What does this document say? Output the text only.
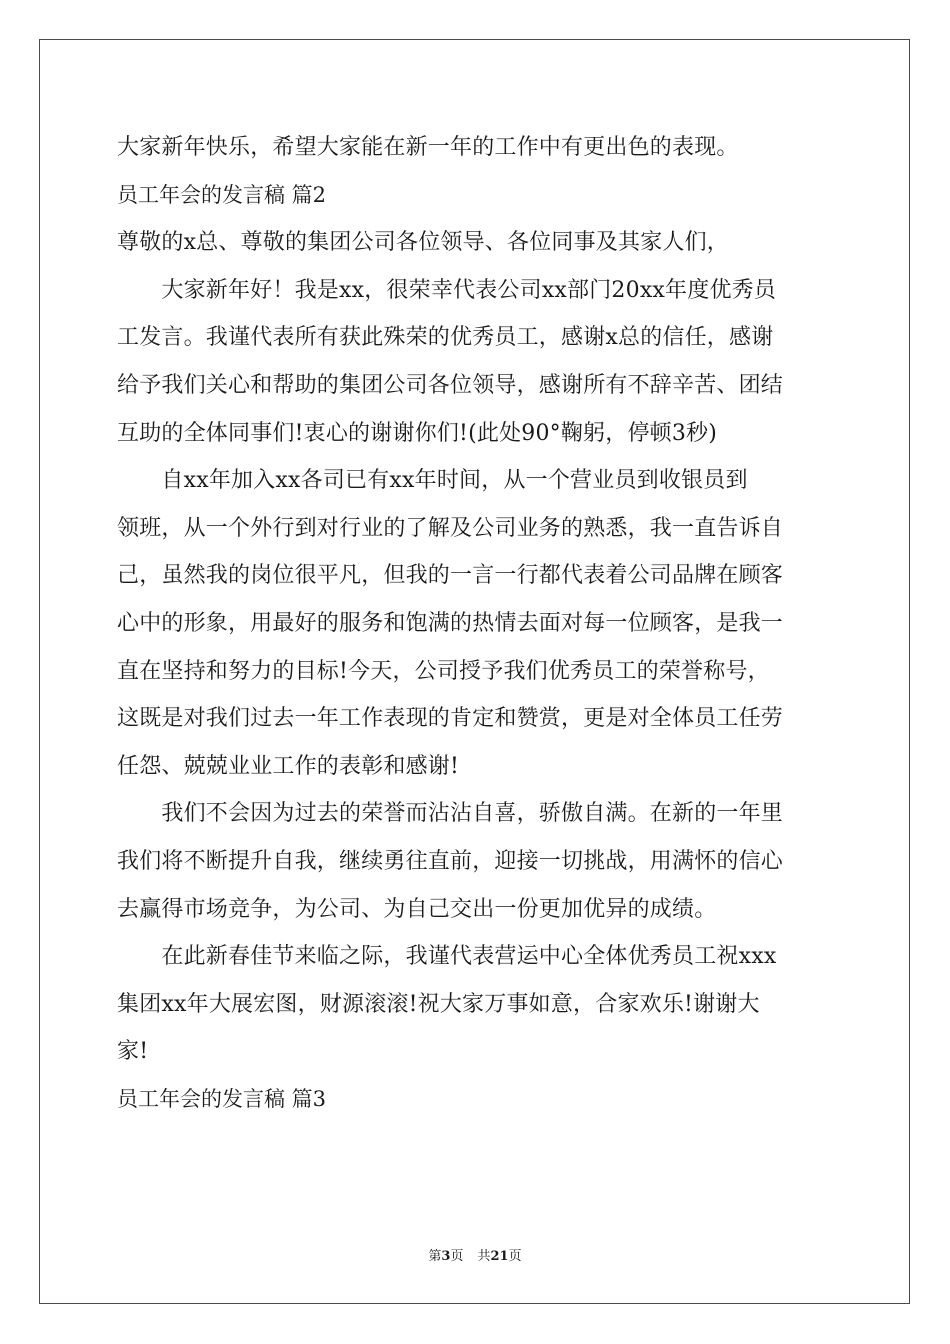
大家新年快乐，希望大家能在新一年的工作中有更出色的表现。
员工年会的发言稿 篇2
尊敬的x总、尊敬的集团公司各位领导、各位同事及其家人们，
　　大家新年好！我是xx，很荣幸代表公司xx部门20xx年度优秀员
工发言。我谨代表所有获此殊荣的优秀员工，感谢x总的信任，感谢
给予我们关心和帮助的集团公司各位领导，感谢所有不辞辛苦、团结
互助的全体同事们!衷心的谢谢你们!(此处90°鞠躬，停顿3秒)
　　自xx年加入xx各司已有xx年时间，从一个营业员到收银员到
领班，从一个外行到对行业的了解及公司业务的熟悉，我一直告诉自
己，虽然我的岗位很平凡，但我的一言一行都代表着公司品牌在顾客
心中的形象，用最好的服务和饱满的热情去面对每一位顾客，是我一
直在坚持和努力的目标!今天，公司授予我们优秀员工的荣誉称号，
这既是对我们过去一年工作表现的肯定和赞赏，更是对全体员工任劳
任怨、兢兢业业工作的表彰和感谢!
　　我们不会因为过去的荣誉而沾沾自喜，骄傲自满。在新的一年里
我们将不断提升自我，继续勇往直前，迎接一切挑战，用满怀的信心
去赢得市场竞争，为公司、为自己交出一份更加优异的成绩。
　　在此新春佳节来临之际，我谨代表营运中心全体优秀员工祝xxx
集团xx年大展宏图，财源滚滚!祝大家万事如意，合家欢乐!谢谢大
家!
员工年会的发言稿 篇3
第3页 共21页
